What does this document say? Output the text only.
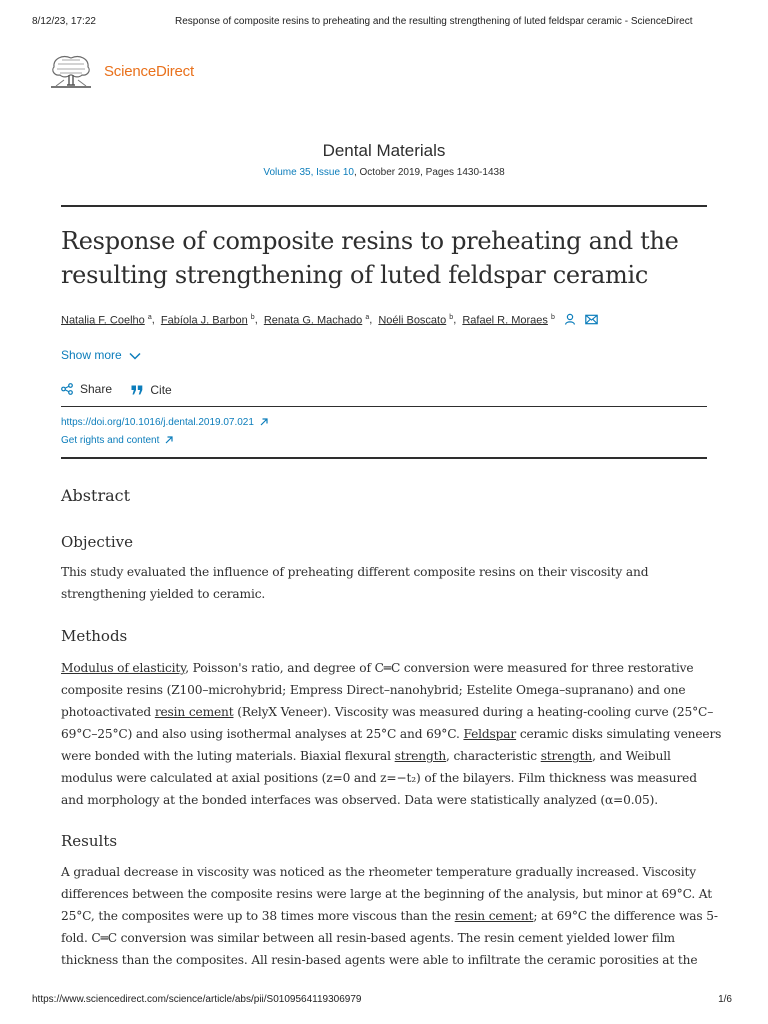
8/12/23, 17:22	Response of composite resins to preheating and the resulting strengthening of luted feldspar ceramic - ScienceDirect
ScienceDirect
Dental Materials
Volume 35, Issue 10, October 2019, Pages 1430-1438
Response of composite resins to preheating and the
resulting strengthening of luted feldspar ceramic
Natalia F. Coelho $^a$, Fabíola J. Barbon $^b$, Renata G. Machado $^a$, Noéli Boscato $^b$, Rafael R. Moraes $^b$
Show more
Share
	Cite
https://doi.org/10.1016/j.dental.2019.07.021
Get rights and content
Abstract
Objective

This study evaluated the influence of preheating different composite resins on their viscosity and
strengthening yielded to ceramic.

Methods

Modulus of elasticity, Poisson's ratio, and degree of C═C conversion were measured for three restorative
composite resins (Z100–microhybrid; Empress Direct–nanohybrid; Estelite Omega–supranano) and one
photoactivated resin cement (RelyX Veneer). Viscosity was measured during a heating-cooling curve (25°C–
69°C–25°C) and also using isothermal analyses at 25°C and 69°C. Feldspar ceramic disks simulating veneers
were bonded with the luting materials. Biaxial flexural strength, characteristic strength, and Weibull
modulus were calculated at axial positions (z=0 and z=−t₂) of the bilayers. Film thickness was measured
and morphology at the bonded interfaces was observed. Data were statistically analyzed (α=0.05).

Results

A gradual decrease in viscosity was noticed as the rheometer temperature gradually increased. Viscosity
differences between the composite resins were large at the beginning of the analysis, but minor at 69°C. At
25°C, the composites were up to 38 times more viscous than the resin cement; at 69°C the difference was 5-
fold. C═C conversion was similar between all resin-based agents. The resin cement yielded lower film
thickness than the composites. All resin-based agents were able to infiltrate the ceramic porosities at the

https://www.sciencedirect.com/science/article/abs/pii/S0109564119306979	1/6
